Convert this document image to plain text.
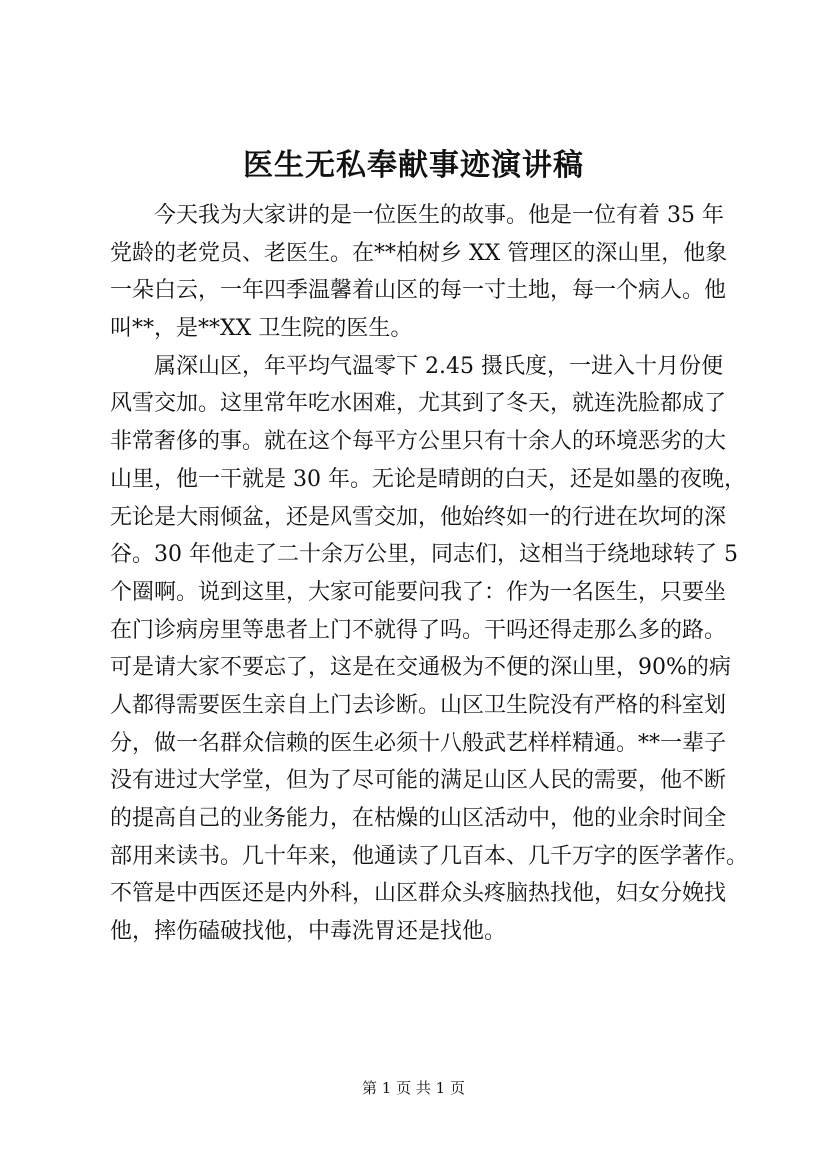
医生无私奉献事迹演讲稿
　　今天我为大家讲的是一位医生的故事。他是一位有着 35 年
党龄的老党员、老医生。在**柏树乡 XX 管理区的深山里，他象
一朵白云，一年四季温馨着山区的每一寸土地，每一个病人。他
叫**，是**XX 卫生院的医生。
　　属深山区，年平均气温零下 2.45 摄氏度，一进入十月份便
风雪交加。这里常年吃水困难，尤其到了冬天，就连洗脸都成了
非常奢侈的事。就在这个每平方公里只有十余人的环境恶劣的大
山里，他一干就是 30 年。无论是晴朗的白天，还是如墨的夜晚，
无论是大雨倾盆，还是风雪交加，他始终如一的行进在坎坷的深
谷。30 年他走了二十余万公里，同志们，这相当于绕地球转了 5
个圈啊。说到这里，大家可能要问我了：作为一名医生，只要坐
在门诊病房里等患者上门不就得了吗。干吗还得走那么多的路。
可是请大家不要忘了，这是在交通极为不便的深山里，90%的病
人都得需要医生亲自上门去诊断。山区卫生院没有严格的科室划
分，做一名群众信赖的医生必须十八般武艺样样精通。**一辈子
没有进过大学堂，但为了尽可能的满足山区人民的需要，他不断
的提高自己的业务能力，在枯燥的山区活动中，他的业余时间全
部用来读书。几十年来，他通读了几百本、几千万字的医学著作。
不管是中西医还是内外科，山区群众头疼脑热找他，妇女分娩找
他，摔伤磕破找他，中毒洗胃还是找他。
第 1 页 共 1 页
